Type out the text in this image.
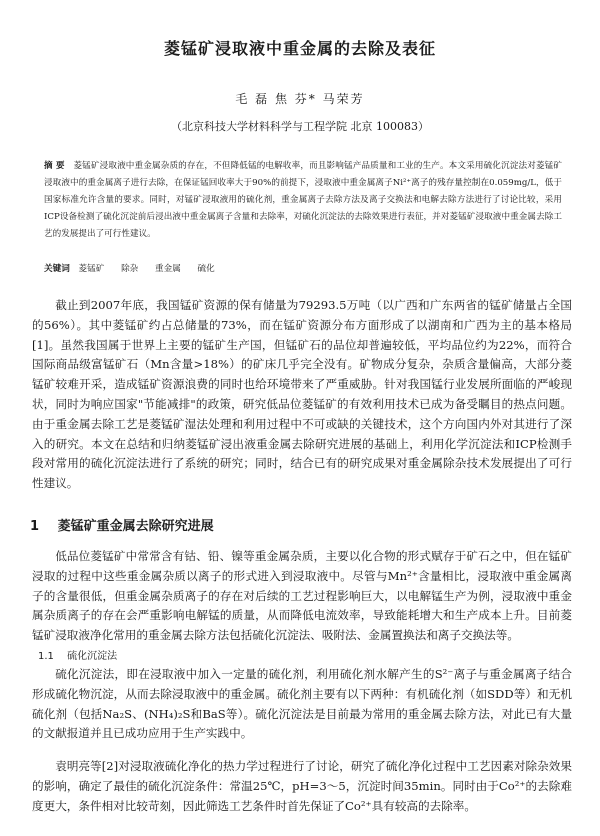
菱锰矿浸取液中重金属的去除及表征
毛 磊 焦 芬* 马荣芳
（北京科技大学材料科学与工程学院 北京 100083）
摘 要 菱锰矿浸取液中重金属杂质的存在，不但降低锰的电解收率，而且影响锰产品质量和工业的生产。本文采用硫化沉淀法对菱锰矿浸取液中的重金属离子进行去除，在保证锰回收率大于90%的前提下，浸取液中重金属离子Ni²⁺离子的残存量控制在0.059mg/L，低于国家标准允许含量的要求。同时，对锰矿浸取液用的硫化剂，重金属离子去除方法及离子交换法和电解去除方法进行了讨论比较，采用ICP设备检测了硫化沉淀前后浸出液中重金属离子含量和去除率，对硫化沉淀法的去除效果进行表征，并对菱锰矿浸取液中重金属去除工艺的发展提出了可行性建议。
关键词 菱锰矿 除杂 重金属 硫化
截止到2007年底，我国锰矿资源的保有储量为79293.5万吨（以广西和广东两省的锰矿储量占全国的56%）。其中菱锰矿约占总储量的73%，而在锰矿资源分布方面形成了以湖南和广西为主的基本格局[1]。虽然我国属于世界上主要的锰矿生产国，但锰矿石的品位却普遍较低，平均品位约为22%，而符合国际商品级富锰矿石（Mn含量>18%）的矿床几乎完全没有。矿物成分复杂，杂质含量偏高，大部分菱锰矿较难开采，造成锰矿资源浪费的同时也给环境带来了严重威胁。针对我国锰行业发展所面临的严峻现状，同时为响应国家"节能减排"的政策，研究低品位菱锰矿的有效利用技术已成为备受瞩目的热点问题。由于重金属去除工艺是菱锰矿湿法处理和利用过程中不可或缺的关键技术，这个方向国内外对其进行了深入的研究。本文在总结和归纳菱锰矿浸出液重金属去除研究进展的基础上，利用化学沉淀法和ICP检测手段对常用的硫化沉淀法进行了系统的研究；同时，结合已有的研究成果对重金属除杂技术发展提出了可行性建议。
1 菱锰矿重金属去除研究进展
低品位菱锰矿中常常含有钴、铅、镍等重金属杂质，主要以化合物的形式赋存于矿石之中，但在锰矿浸取的过程中这些重金属杂质以离子的形式进入到浸取液中。尽管与Mn²⁺含量相比，浸取液中重金属离子的含量很低，但重金属杂质离子的存在对后续的工艺过程影响巨大，以电解锰生产为例，浸取液中重金属杂质离子的存在会严重影响电解锰的质量，从而降低电流效率，导致能耗增大和生产成本上升。目前菱锰矿浸取液净化常用的重金属去除方法包括硫化沉淀法、吸附法、金属置换法和离子交换法等。
1.1 硫化沉淀法
硫化沉淀法，即在浸取液中加入一定量的硫化剂，利用硫化剂水解产生的S²⁻离子与重金属离子结合形成硫化物沉淀，从而去除浸取液中的重金属。硫化剂主要有以下两种：有机硫化剂（如SDD等）和无机硫化剂（包括Na₂S、(NH₄)₂S和BaS等）。硫化沉淀法是目前最为常用的重金属去除方法，对此已有大量的文献报道并且已成功应用于生产实践中。
袁明亮等[2]对浸取液硫化净化的热力学过程进行了讨论，研究了硫化净化过程中工艺因素对除杂效果的影响，确定了最佳的硫化沉淀条件：常温25℃，pH=3～5，沉淀时间35min。同时由于Co²⁺的去除难度更大，条件相对比较苛刻，因此筛选工艺条件时首先保证了Co²⁺具有较高的去除率。
